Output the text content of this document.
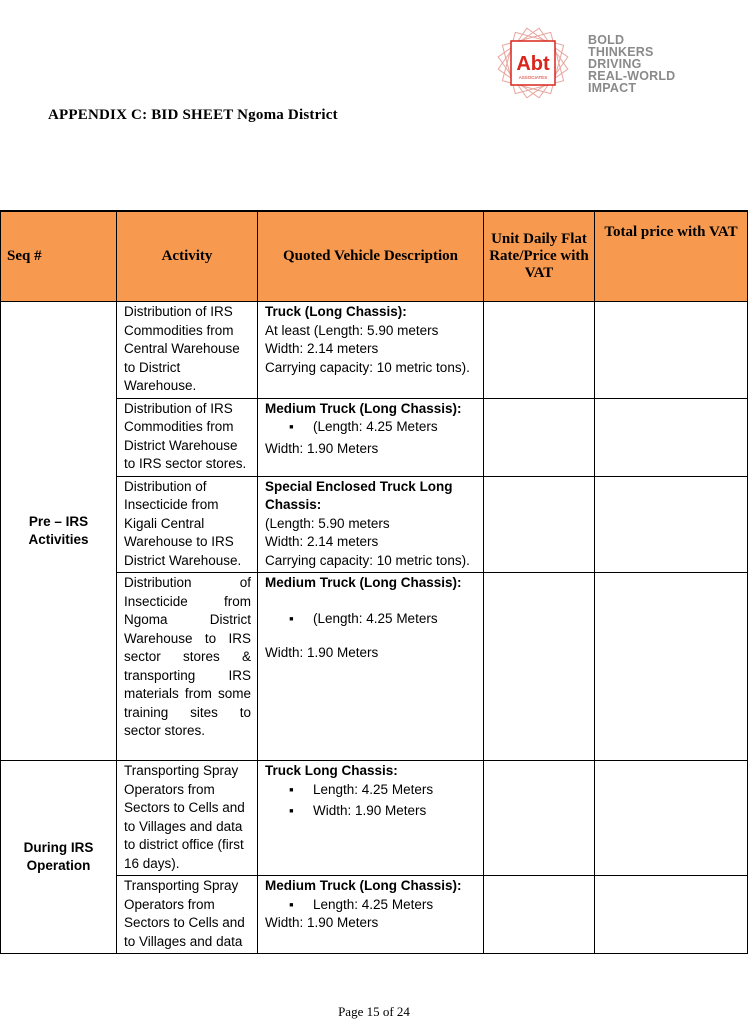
Abt
ASSOCIATES
BOLD
THINKERS
DRIVING
REAL-WORLD
IMPACT
APPENDIX C: BID SHEET Ngoma District
Seq #	Activity	Quoted Vehicle Description	Unit Daily Flat Rate/Price with VAT	Total price with VAT

Pre – IRS Activities	Distribution of IRS Commodities from Central Warehouse to District Warehouse.	Truck (Long Chassis):
At least (Length: 5.90 meters
Width: 2.14 meters
Carrying capacity: 10 metric tons).		

	Distribution of IRS Commodities from District Warehouse to IRS sector stores.	Medium Truck (Long Chassis):
▪ (Length: 4.25 Meters
Width: 1.90 Meters

	Distribution of Insecticide from Kigali Central Warehouse to IRS District Warehouse.	Special Enclosed Truck Long Chassis:
(Length: 5.90 meters
Width: 2.14 meters
Carrying capacity: 10 metric tons).		

	Distribution of Insecticide from Ngoma District Warehouse to IRS sector stores & transporting IRS materials from some training sites to sector stores.	Medium Truck (Long Chassis):
▪ (Length: 4.25 Meters
Width: 1.90 Meters

During IRS Operation	Transporting Spray Operators from Sectors to Cells and to Villages and data to district office (first 16 days).	Truck Long Chassis:
▪ Length: 4.25 Meters
▪ Width: 1.90 Meters

	Transporting Spray Operators from Sectors to Cells and to Villages and data	Medium Truck (Long Chassis):
▪ Length: 4.25 Meters
Width: 1.90 Meters

Page 15 of 24
